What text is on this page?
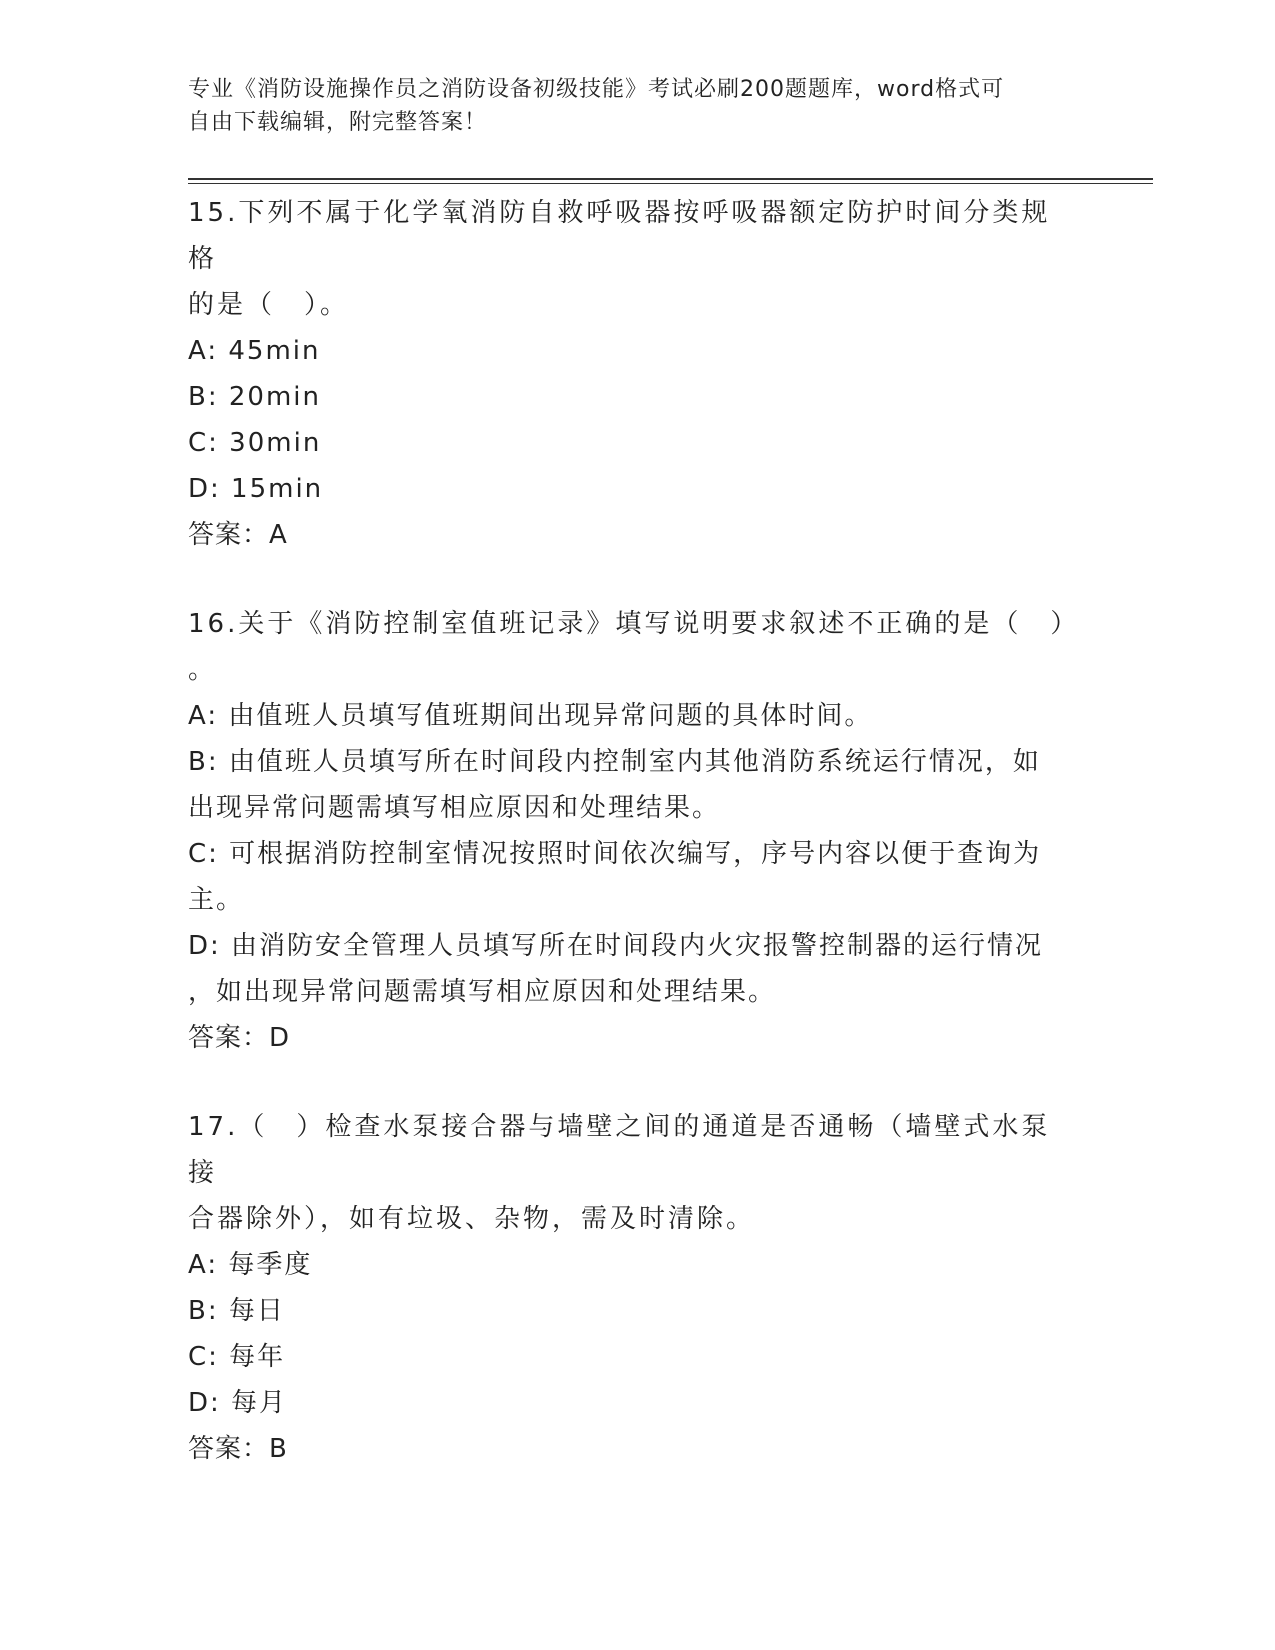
专业《消防设施操作员之消防设备初级技能》考试必刷200题题库，word格式可
自由下载编辑，附完整答案！
15.下列不属于化学氧消防自救呼吸器按呼吸器额定防护时间分类规格
的是（　）。
A: 45min
B: 20min
C: 30min
D: 15min
答案：A
16.关于《消防控制室值班记录》填写说明要求叙述不正确的是（　）
。
A: 由值班人员填写值班期间出现异常问题的具体时间。
B: 由值班人员填写所在时间段内控制室内其他消防系统运行情况，如
出现异常问题需填写相应原因和处理结果。
C: 可根据消防控制室情况按照时间依次编写，序号内容以便于查询为
主。
D: 由消防安全管理人员填写所在时间段内火灾报警控制器的运行情况
，如出现异常问题需填写相应原因和处理结果。
答案：D
17.（　）检查水泵接合器与墙壁之间的通道是否通畅（墙壁式水泵接
合器除外），如有垃圾、杂物，需及时清除。
A: 每季度
B: 每日
C: 每年
D: 每月
答案：B
